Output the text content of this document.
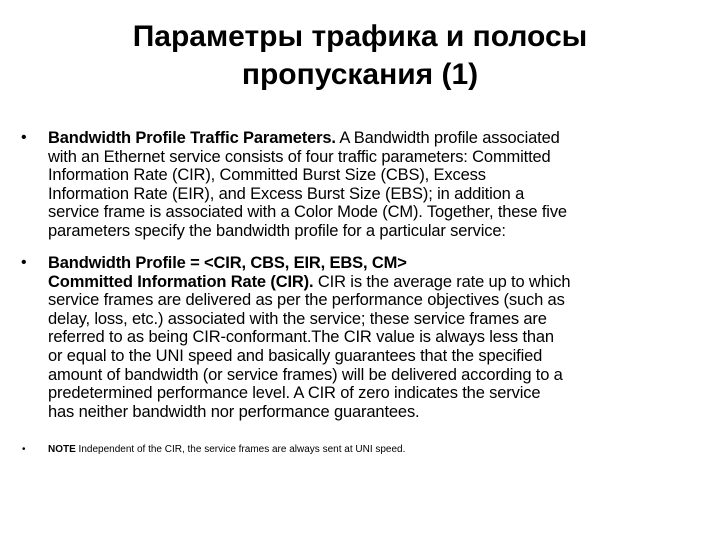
Параметры трафика и полосы
пропускания (1)
• Bandwidth Profile Traffic Parameters. A Bandwidth profile associated
with an Ethernet service consists of four traffic parameters: Committed
Information Rate (CIR), Committed Burst Size (CBS), Excess
Information Rate (EIR), and Excess Burst Size (EBS); in addition a
service frame is associated with a Color Mode (CM). Together, these five
parameters specify the bandwidth profile for a particular service:
• Bandwidth Profile = <CIR, CBS, EIR, EBS, CM>
Committed Information Rate (CIR). CIR is the average rate up to which
service frames are delivered as per the performance objectives (such as
delay, loss, etc.) associated with the service; these service frames are
referred to as being CIR-conformant.The CIR value is always less than
or equal to the UNI speed and basically guarantees that the specified
amount of bandwidth (or service frames) will be delivered according to a
predetermined performance level. A CIR of zero indicates the service
has neither bandwidth nor performance guarantees.
• NOTE Independent of the CIR, the service frames are always sent at UNI speed.
